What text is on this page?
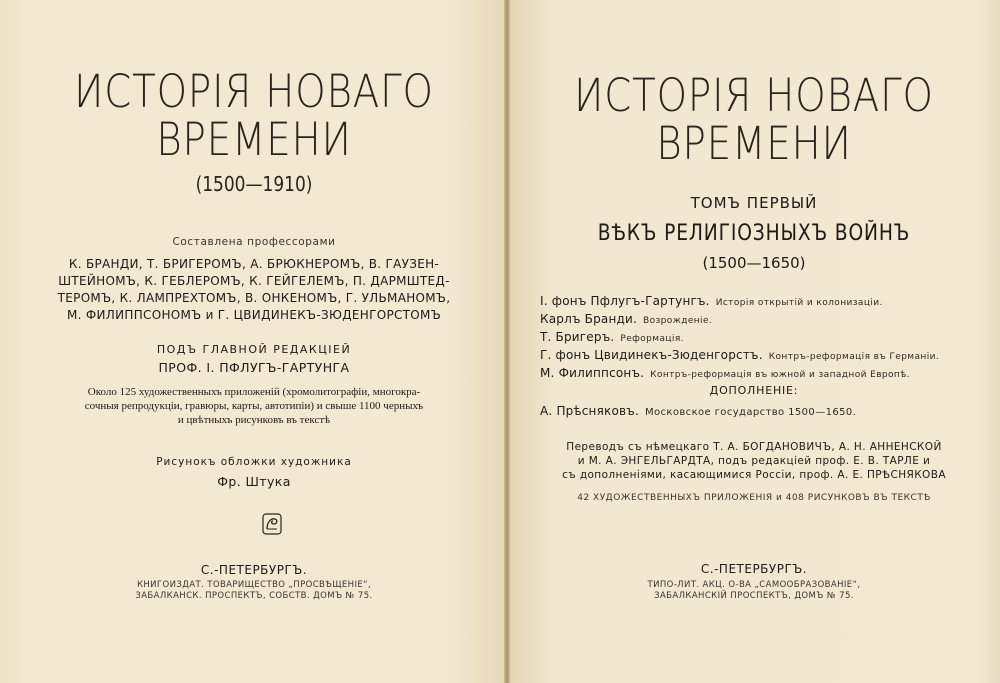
ИСТОРІЯ НОВАГО
ВРЕМЕНИ
(1500—1910)
Составлена профессорами
К. БРАНДИ, Т. БРИГЕРОМЪ, А. БРЮКНЕРОМЪ, В. ГАУЗЕН-
ШТЕЙНОМЪ, К. ГЕБЛЕРОМЪ, К. ГЕЙГЕЛЕМЪ, П. ДАРМШТЕД-
ТЕРОМЪ, К. ЛАМПРЕХТОМЪ, В. ОНКЕНОМЪ, Г. УЛЬМАНОМЪ,
М. ФИЛИППСОНОМЪ и Г. ЦВИДИНЕКЪ-ЗЮДЕНГОРСТОМЪ
ПОДЪ ГЛАВНОЙ РЕДАКЦІЕЙ
ПРОФ. І. ПФЛУГЪ-ГАРТУНГА
Около 125 художественныхъ приложеній (хромолитографіи, многокра-
сочныя репродукціи, гравюры, карты, автотипіи) и свыше 1100 черныхъ
и цвѣтныхъ рисунковъ въ текстѣ
Рисунокъ обложки художника
Фр. Штука
С.-ПЕТЕРБУРГЪ.
КНИГОИЗДАТ. ТОВАРИЩЕСТВО „ПРОСВѢЩЕНІЕ“,
ЗАБАЛКАНСК. ПРОСПЕКТЪ, СОБСТВ. ДОМЪ № 75.
ИСТОРІЯ НОВАГО
ВРЕМЕНИ
ТОМЪ ПЕРВЫЙ
ВѢКЪ РЕЛИГІОЗНЫХЪ ВОЙНЪ
(1500—1650)
ДОПОЛНЕНІЕ:
Переводъ съ нѣмецкаго Т. А. БОГДАНОВИЧЪ, А. Н. АННЕНСКОЙ
и М. А. ЭНГЕЛЬГАРДТА, подъ редакціей проф. Е. В. ТАРЛЕ и
съ дополненіями, касающимися Россіи, проф. А. Е. ПРѢСНЯКОВА
42 ХУДОЖЕСТВЕННЫХЪ ПРИЛОЖЕНІЯ и 408 РИСУНКОВЪ ВЪ ТЕКСТѢ
С.-ПЕТЕРБУРГЪ.
ТИПО-ЛИТ. АКЦ. О-ВА „САМООБРАЗОВАНІЕ“,
ЗАБАЛКАНСКІЙ ПРОСПЕКТЪ, ДОМЪ № 75.
І. фонъ Пфлугъ-Гартунгъ. Исторія открытій и колонизаціи.
Карлъ Бранди. Возрожденіе.
Т. Бригеръ. Реформація.
Г. фонъ Цвидинекъ-Зюденгорстъ. Контръ-реформація въ Германіи.
М. Филиппсонъ. Контръ-реформація въ южной и западной Европѣ.
А. Прѣсняковъ. Московское государство 1500—1650.
